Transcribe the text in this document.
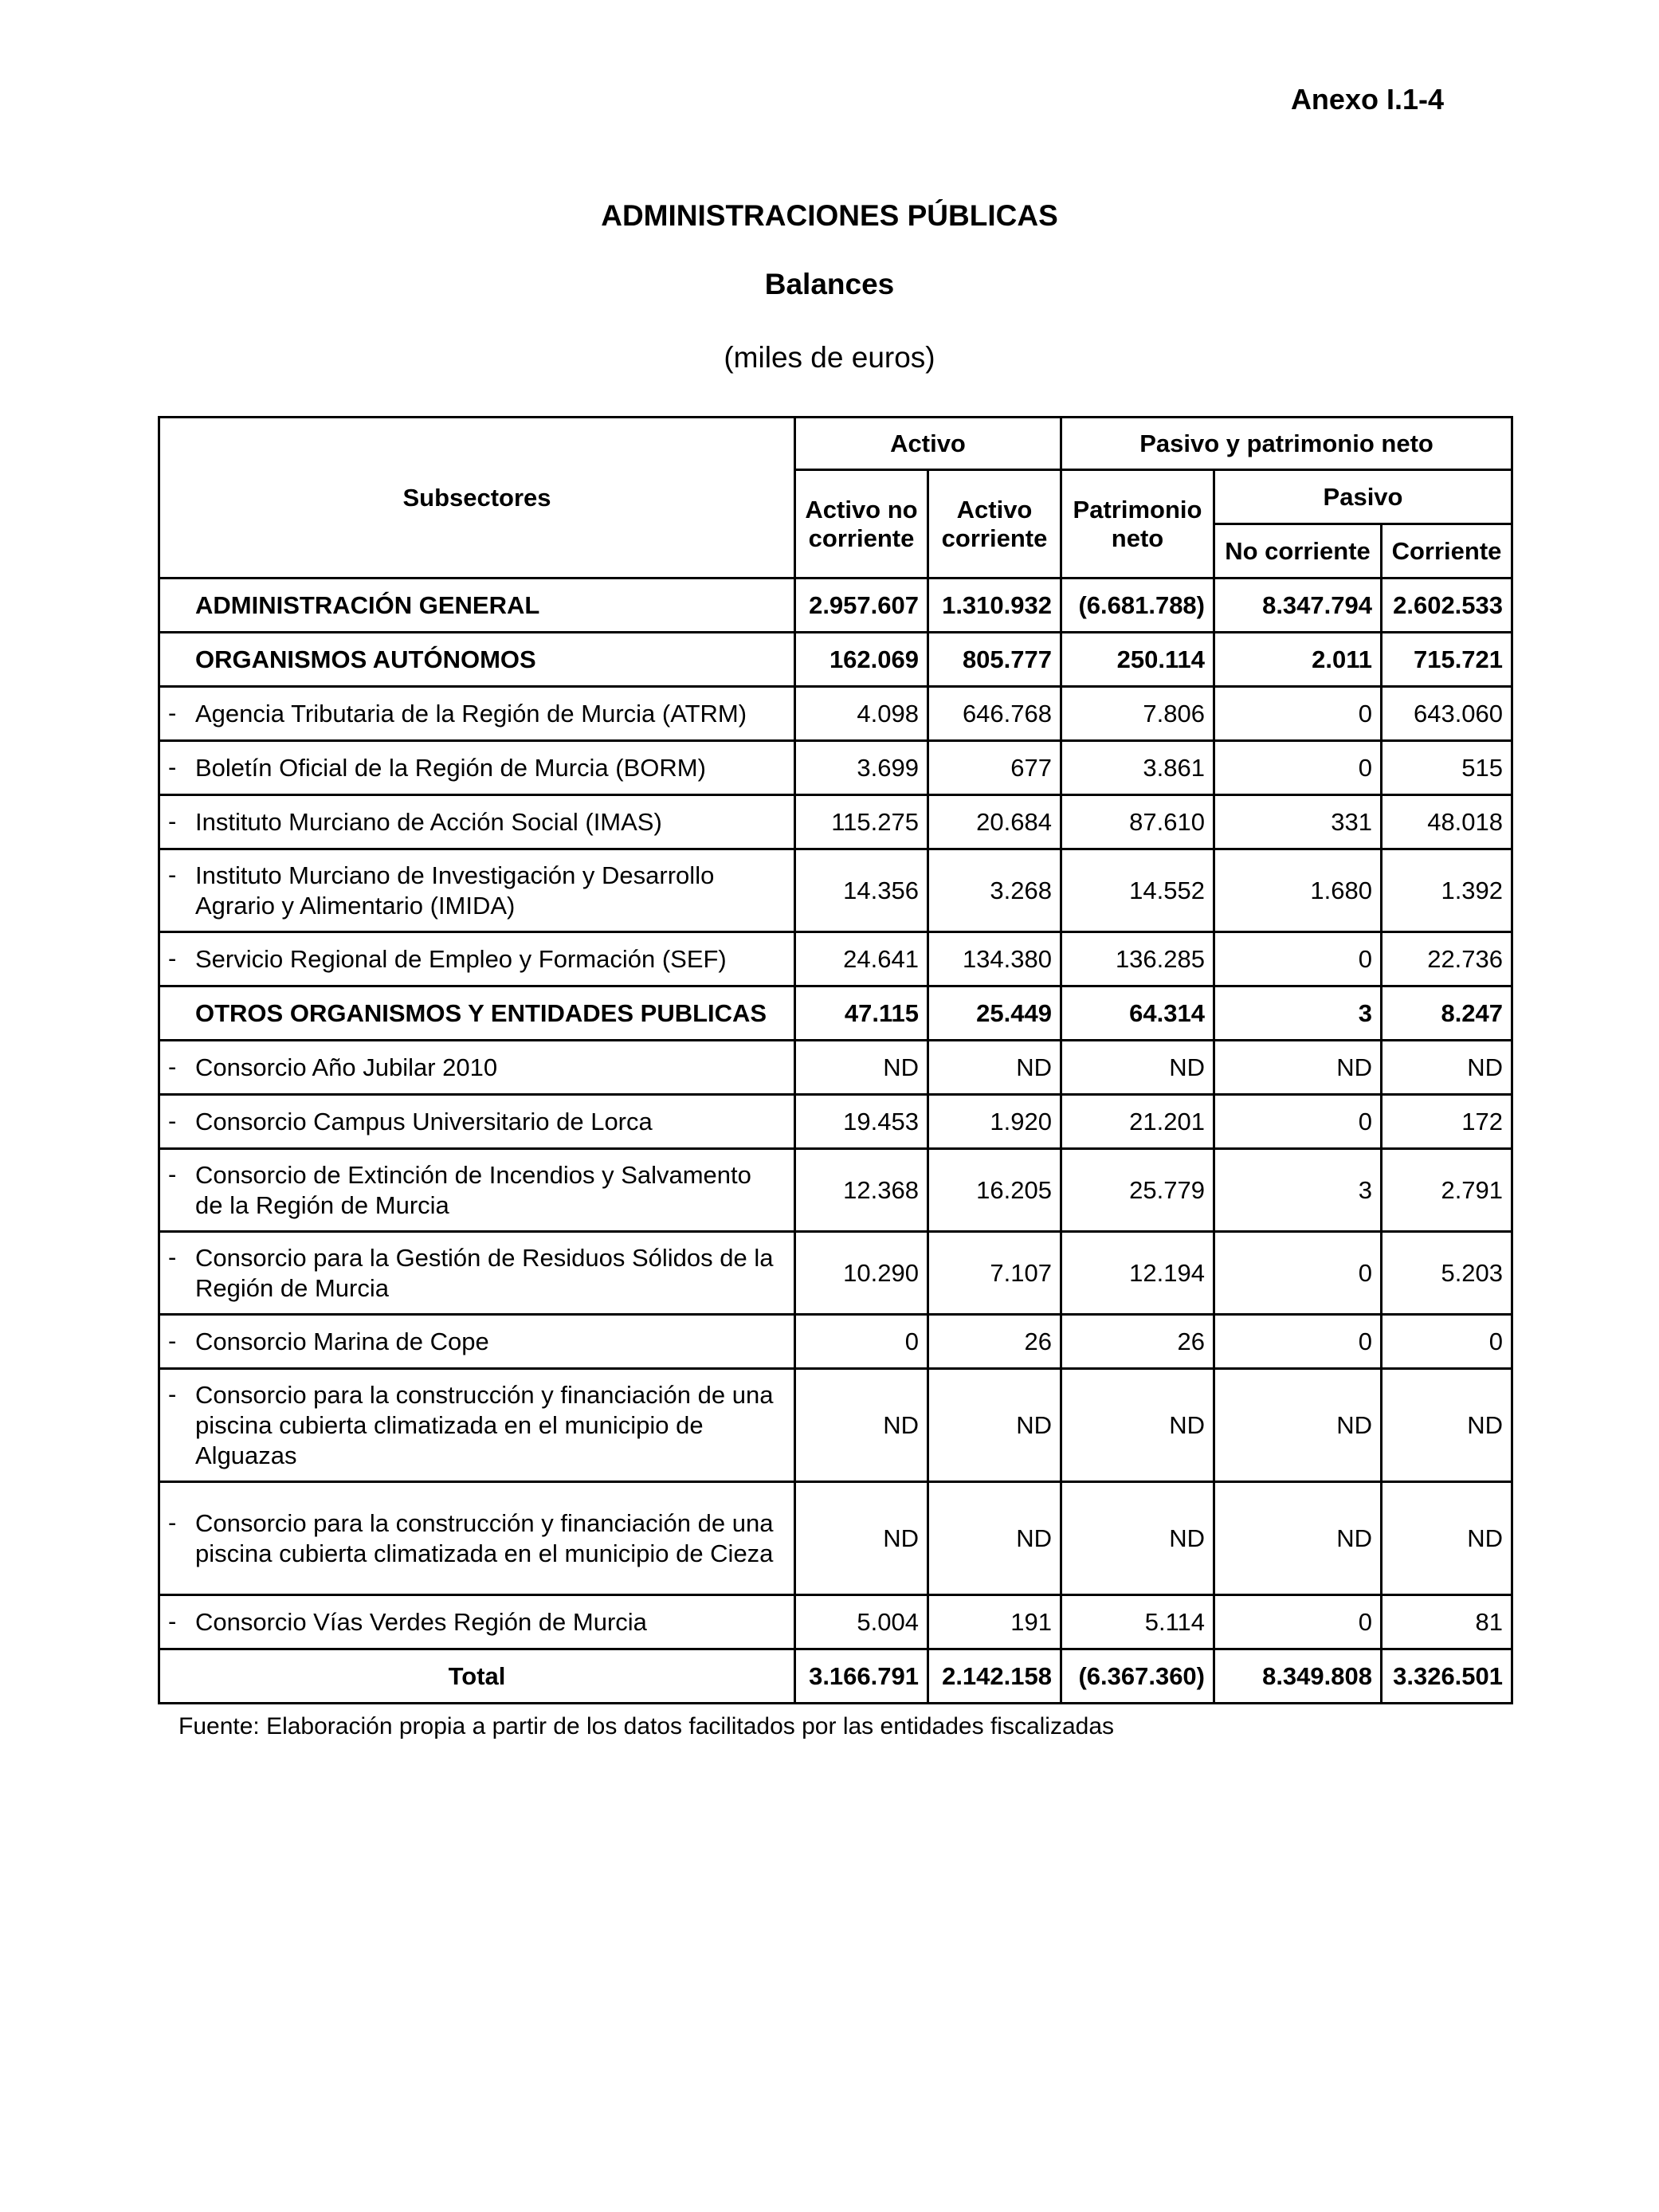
Anexo I.1-4

ADMINISTRACIONES PÚBLICAS

Balances

(miles de euros)

Subsectores	Activo		Pasivo y patrimonio neto		
	Activo no corriente	Activo corriente	Patrimonio neto	Pasivo	
				No corriente	Corriente
ADMINISTRACIÓN GENERAL	2.957.607	1.310.932	(6.681.788)	8.347.794	2.602.533
ORGANISMOS AUTÓNOMOS	162.069	805.777	250.114	2.011	715.721
- Agencia Tributaria de la Región de Murcia (ATRM)	4.098	646.768	7.806	0	643.060
- Boletín Oficial de la Región de Murcia (BORM)	3.699	677	3.861	0	515
- Instituto Murciano de Acción Social (IMAS)	115.275	20.684	87.610	331	48.018
- Instituto Murciano de Investigación y Desarrollo Agrario y Alimentario (IMIDA)	14.356	3.268	14.552	1.680	1.392
- Servicio Regional de Empleo y Formación (SEF)	24.641	134.380	136.285	0	22.736
OTROS ORGANISMOS Y ENTIDADES PUBLICAS	47.115	25.449	64.314	3	8.247
- Consorcio Año Jubilar 2010	ND	ND	ND	ND	ND
- Consorcio Campus Universitario de Lorca	19.453	1.920	21.201	0	172
- Consorcio de Extinción de Incendios y Salvamento de la Región de Murcia	12.368	16.205	25.779	3	2.791
- Consorcio para la Gestión de Residuos Sólidos de la Región de Murcia	10.290	7.107	12.194	0	5.203
- Consorcio Marina de Cope	0	26	26	0	0
- Consorcio para la construcción y financiación de una piscina cubierta climatizada en el municipio de Alguazas	ND	ND	ND	ND	ND
- Consorcio para la construcción y financiación de una piscina cubierta climatizada en el municipio de Cieza	ND	ND	ND	ND	ND
- Consorcio Vías Verdes Región de Murcia	5.004	191	5.114	0	81
Total	3.166.791	2.142.158	(6.367.360)	8.349.808	3.326.501

Fuente: Elaboración propia a partir de los datos facilitados por las entidades fiscalizadas
